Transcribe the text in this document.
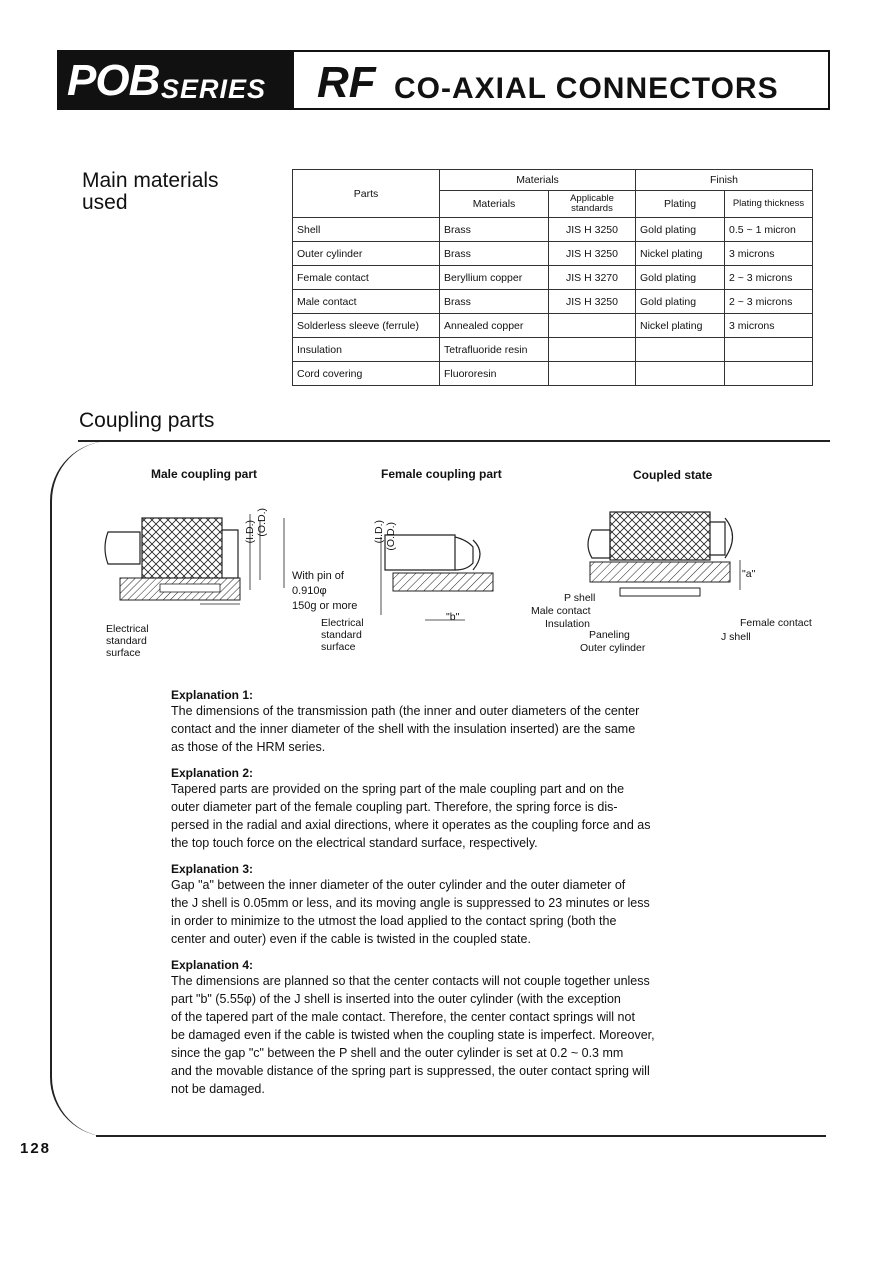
POB SERIES RF CO-AXIAL CONNECTORS
Main materials
used	Parts	Materials		Finish	
	Materials	Applicable standards	Plating	Plating thickness
Shell	Brass	JIS H 3250	Gold plating	0.5 ~ 1 micron
Outer cylinder	Brass	JIS H 3250	Nickel plating	3 microns
Female contact	Beryllium copper	JIS H 3270	Gold plating	2 ~ 3 microns
Male contact	Brass	JIS H 3250	Gold plating	2 ~ 3 microns
Solderless sleeve (ferrule)	Annealed copper		Nickel plating	3 microns
Insulation	Tetrafluoride resin			
Cord covering	Fluororesin			
Coupling parts
Male coupling part	Female coupling part	Coupled state
(O.D.)
(I.D.)
Electrical
standard
surface
With pin of
0.910φ
150g or more
(I.D.) (O.D.)
"b"
Electrical
standard
surface
"a"
P shell
Male contact
Insulation
Paneling
Outer cylinder
Female contact
J shell
Explanation 1:
The dimensions of the transmission path (the inner and outer diameters of the center
contact and the inner diameter of the shell with the insulation inserted) are the same
as those of the HRM series.
Explanation 2:
Tapered parts are provided on the spring part of the male coupling part and on the
outer diameter part of the female coupling part. Therefore, the spring force is dis-
persed in the radial and axial directions, where it operates as the coupling force and as
the top touch force on the electrical standard surface, respectively.
Explanation 3:
Gap "a" between the inner diameter of the outer cylinder and the outer diameter of
the J shell is 0.05mm or less, and its moving angle is suppressed to 23 minutes or less
in order to minimize to the utmost the load applied to the contact spring (both the
center and outer) even if the cable is twisted in the coupled state.
Explanation 4:
The dimensions are planned so that the center contacts will not couple together unless
part "b" (5.55φ) of the J shell is inserted into the outer cylinder (with the exception
of the tapered part of the male contact. Therefore, the center contact springs will not
be damaged even if the cable is twisted when the coupling state is imperfect. Moreover,
since the gap "c" between the P shell and the outer cylinder is set at 0.2 ~ 0.3 mm
and the movable distance of the spring part is suppressed, the outer contact spring will
not be damaged.
128
